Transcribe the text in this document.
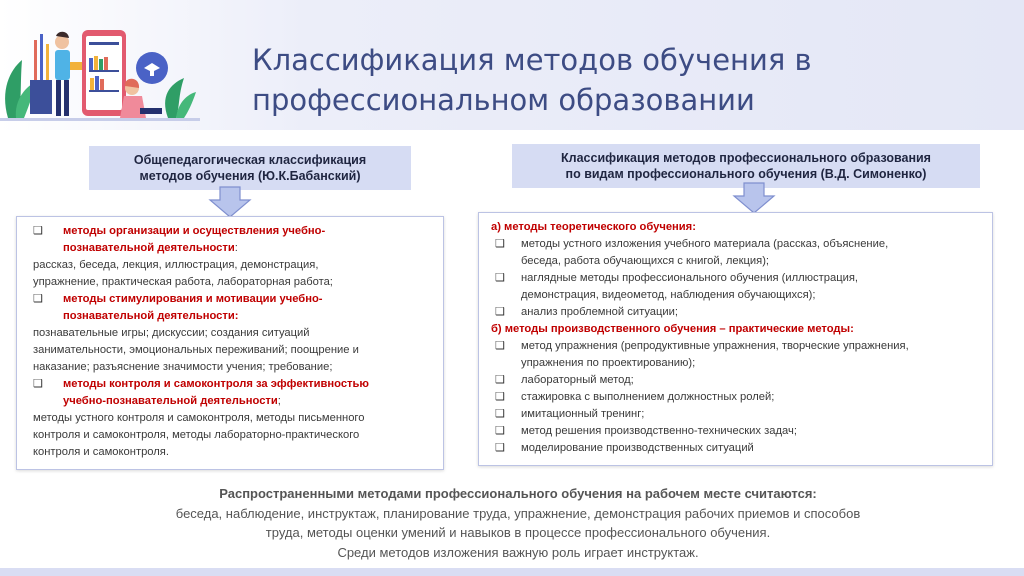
Классификация методов обучения в
профессиональном образовании
Общепедагогическая классификация
методов обучения (Ю.К.Бабанский)
Классификация методов профессионального образования
по видам профессионального обучения (В.Д. Симоненко)
❑	методы организации и осуществления учебно-
познавательной деятельности:
рассказ, беседа, лекция, иллюстрация, демонстрация,
упражнение, практическая работа, лабораторная работа;
❑	методы стимулирования и мотивации учебно-
познавательной деятельности:
познавательные игры; дискуссии; создания ситуаций
занимательности, эмоциональных переживаний; поощрение и
наказание; разъяснение значимости учения; требование;
❑	методы контроля и самоконтроля за эффективностью
учебно-познавательной деятельности;
методы устного контроля и самоконтроля, методы письменного
контроля и самоконтроля, методы лабораторно-практического
контроля и самоконтроля.
а) методы теоретического обучения:
❑	методы устного изложения учебного материала (рассказ, объяснение,
беседа, работа обучающихся с книгой, лекция);
❑	наглядные методы профессионального обучения (иллюстрация,
демонстрация, видеометод, наблюдения обучающихся);
❑	анализ проблемной ситуации;
б) методы производственного обучения – практические методы:
❑	метод упражнения (репродуктивные упражнения, творческие упражнения,
упражнения по проектированию);
❑	лабораторный метод;
❑	стажировка с выполнением должностных ролей;
❑	имитационный тренинг;
❑	метод решения производственно-технических задач;
❑	моделирование производственных ситуаций
Распространенными методами профессионального обучения на рабочем месте считаются:
беседа, наблюдение, инструктаж, планирование труда, упражнение, демонстрация рабочих приемов и способов
труда, методы оценки умений и навыков в процессе профессионального обучения.
Среди методов изложения важную роль играет инструктаж.
